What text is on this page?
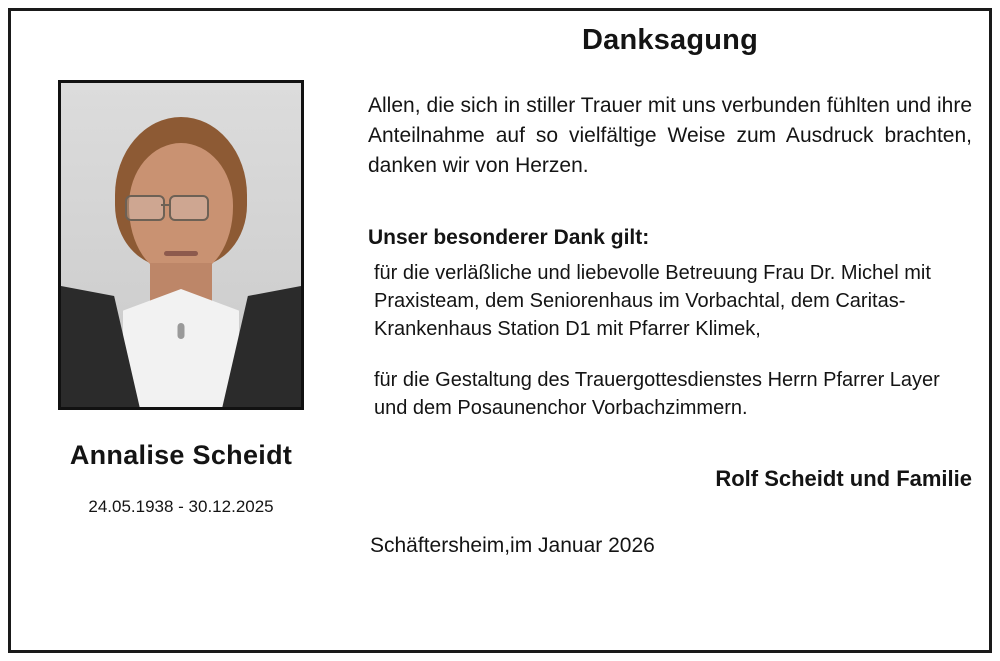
Annalise Scheidt
24.05.1938 - 30.12.2025
Danksagung

Allen, die sich in stiller Trauer mit uns verbunden fühlten und ihre Anteilnahme auf so vielfältige Weise zum Ausdruck brachten, danken wir von Herzen.

Unser besonderer Dank gilt:

für die verläßliche und liebevolle Betreuung Frau Dr. Michel mit Praxisteam, dem Seniorenhaus im Vorbachtal, dem Caritas-Krankenhaus Station D1 mit Pfarrer Klimek,

für die Gestaltung des Trauergottesdienstes Herrn Pfarrer Layer und dem Posaunenchor Vorbachzimmern.

Rolf Scheidt und Familie
Schäftersheim,im Januar 2026
